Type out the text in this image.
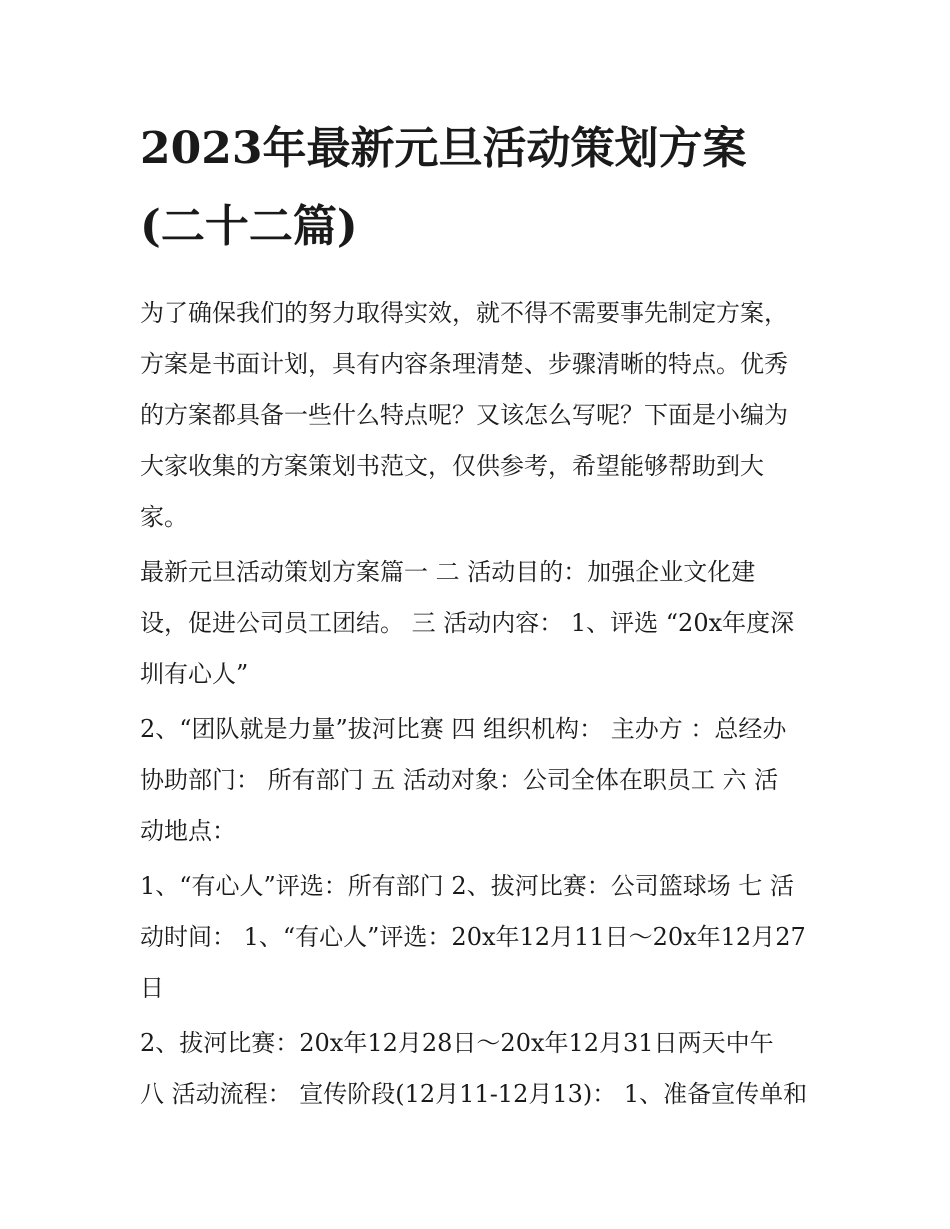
2023年最新元旦活动策划方案
(二十二篇)

为了确保我们的努力取得实效，就不得不需要事先制定方案，
方案是书面计划，具有内容条理清楚、步骤清晰的特点。优秀
的方案都具备一些什么特点呢？又该怎么写呢？下面是小编为
大家收集的方案策划书范文，仅供参考，希望能够帮助到大
家。

最新元旦活动策划方案篇一 二 活动目的：加强企业文化建
设，促进公司员工团结。 三 活动内容： 1、评选 “20x年度深
圳有心人”

2、“团队就是力量”拔河比赛 四 组织机构： 主办方 ：总经办
协助部门： 所有部门 五 活动对象：公司全体在职员工 六 活
动地点：

1、“有心人”评选：所有部门 2、拔河比赛：公司篮球场 七 活
动时间： 1、“有心人”评选：20x年12月11日～20x年12月27
日

2、拔河比赛：20x年12月28日～20x年12月31日两天中午
八 活动流程： 宣传阶段(12月11-12月13)： 1、准备宣传单和
